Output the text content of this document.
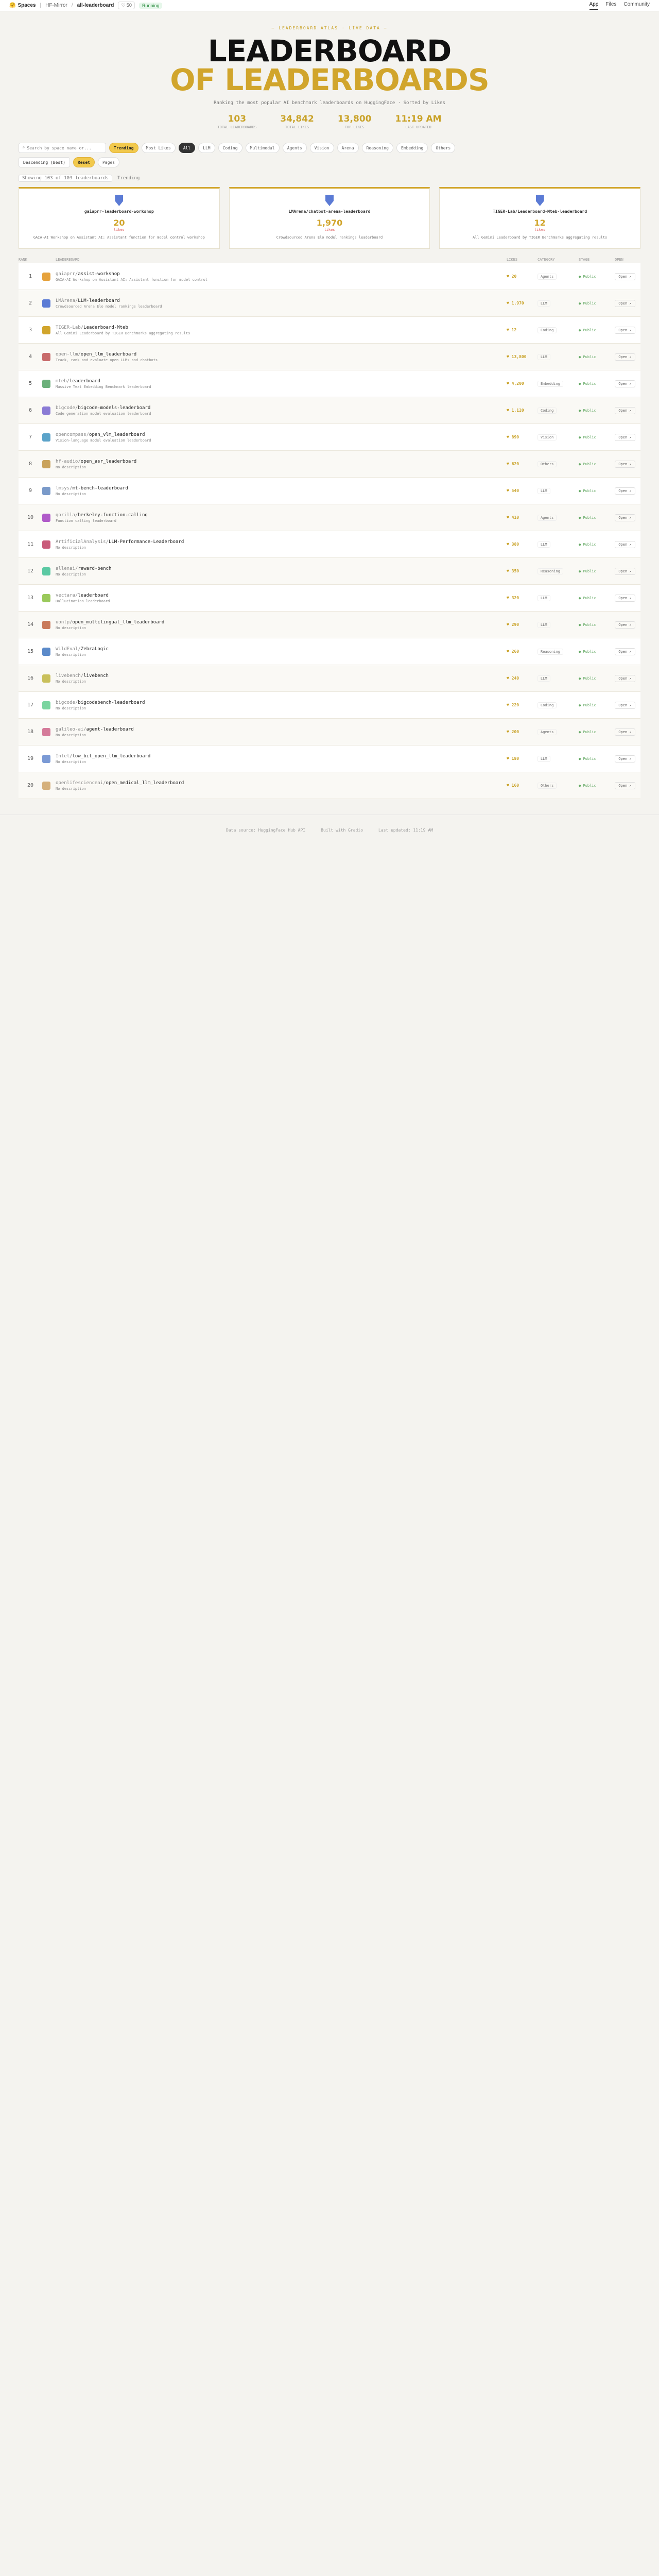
🤗 Spaces | HF-Mirror / all-leaderboard	♡ 50	Running	App Files Community
— LEADERBOARD ATLAS · LIVE DATA —
LEADERBOARD
OF LEADERBOARDS
Ranking the most popular AI benchmark leaderboards on HuggingFace · Sorted by Likes
103
TOTAL LEADERBOARDS
34,842
TOTAL LIKES
13,800
TOP LIKES
11:19 AM
LAST UPDATED
⌕
Search by space name or...	Trending	Most Likes	All	LLM	Coding	Multimodal	Agents	Vision	Arena	Reasoning	Embedding	Others
Descending (Best)	Reset	Pages
Showing 103 of 103 leaderboards	Trending
gaiaprr-leaderboard-workshop
20
likes
GAIA-AI Workshop on Assistant AI: Assistant function for model control workshop
LMArena/chatbot-arena-leaderboard
1,970
likes
Crowdsourced Arena Elo model rankings leaderboard
TIGER-Lab/Leaderboard-Mteb-leaderboard
12
likes
All Gemini Leaderboard by TIGER Benchmarks aggregating results
RANK	LEADERBOARD	LIKES	CATEGORY	STAGE	OPEN
1	gaiaprr/assist-workshop
GAIA-AI Workshop on Assistant AI: Assistant function for model control
♥ 20	Agents	● Public	Open ↗
2	LMArena/LLM-leaderboard
Crowdsourced Arena Elo model rankings leaderboard
♥ 1,970	LLM	● Public	Open ↗
3	TIGER-Lab/Leaderboard-Mteb
All Gemini Leaderboard by TIGER Benchmarks aggregating results
♥ 12	Coding	● Public	Open ↗
4	open-llm/open_llm_leaderboard
Track, rank and evaluate open LLMs and chatbots
♥ 13,800	LLM	● Public	Open ↗
5	mteb/leaderboard
Massive Text Embedding Benchmark leaderboard
♥ 4,200	Embedding	● Public	Open ↗
6	bigcode/bigcode-models-leaderboard
Code generation model evaluation leaderboard
♥ 1,120	Coding	● Public	Open ↗
7	opencompass/open_vlm_leaderboard
Vision-language model evaluation leaderboard
♥ 890	Vision	● Public	Open ↗
8	hf-audio/open_asr_leaderboard
No description
♥ 620	Others	● Public	Open ↗
9	lmsys/mt-bench-leaderboard
No description
♥ 540	LLM	● Public	Open ↗
10	gorilla/berkeley-function-calling
Function calling leaderboard
♥ 410	Agents	● Public	Open ↗
11	ArtificialAnalysis/LLM-Performance-Leaderboard
No description
♥ 380	LLM	● Public	Open ↗
12	allenai/reward-bench
No description
♥ 350	Reasoning	● Public	Open ↗
13	vectara/leaderboard
Hallucination leaderboard
♥ 320	LLM	● Public	Open ↗
14	uonlp/open_multilingual_llm_leaderboard
No description
♥ 290	LLM	● Public	Open ↗
15	WildEval/ZebraLogic
No description
♥ 260	Reasoning	● Public	Open ↗
16	livebench/livebench
No description
♥ 240	LLM	● Public	Open ↗
17	bigcode/bigcodebench-leaderboard
No description
♥ 220	Coding	● Public	Open ↗
18	galileo-ai/agent-leaderboard
No description
♥ 200	Agents	● Public	Open ↗
19	Intel/low_bit_open_llm_leaderboard
No description
♥ 180	LLM	● Public	Open ↗
20	openlifescienceai/open_medical_llm_leaderboard
No description
♥ 160	Others	● Public	Open ↗
Data source: HuggingFace Hub API	Built with Gradio	Last updated: 11:19 AM
